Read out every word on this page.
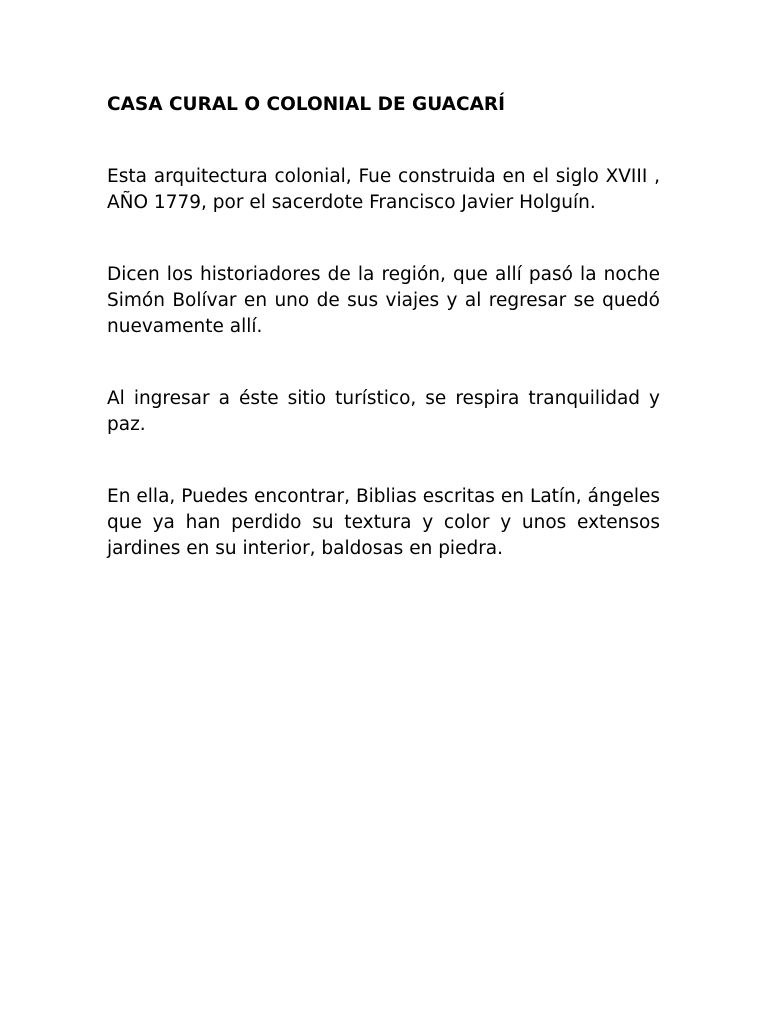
CASA CURAL O COLONIAL DE GUACARÍ

Esta arquitectura colonial, Fue construida en el siglo XVIII , AÑO 1779, por el sacerdote Francisco Javier Holguín.

Dicen los historiadores de la región, que allí pasó la noche Simón Bolívar en uno de sus viajes y al regresar se quedó nuevamente allí.

Al ingresar a éste sitio turístico, se respira tranquilidad y paz.

En ella, Puedes encontrar, Biblias escritas en Latín, ángeles que ya han perdido su textura y color y unos extensos jardines en su interior, baldosas en piedra.
